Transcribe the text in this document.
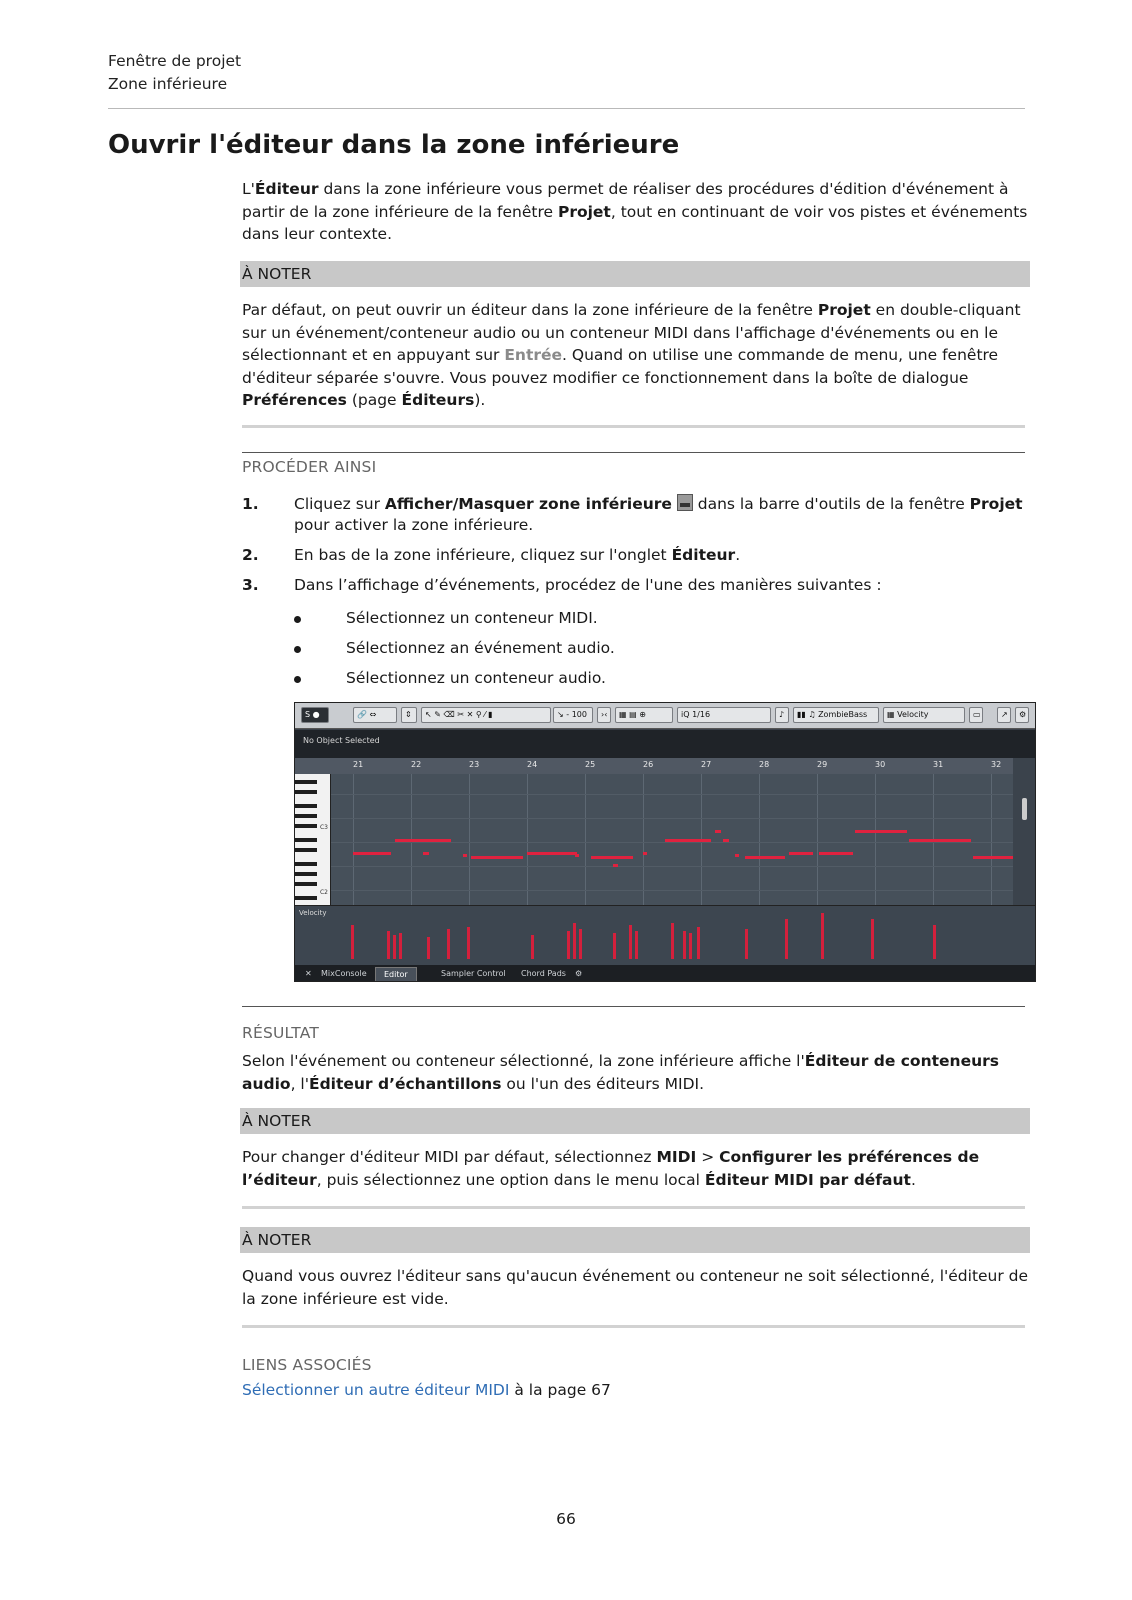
Fenêtre de projet
Zone inférieure
Ouvrir l'éditeur dans la zone inférieure

L'Éditeur dans la zone inférieure vous permet de réaliser des procédures d'édition d'événement à partir de la zone inférieure de la fenêtre Projet, tout en continuant de voir vos pistes et événements dans leur contexte.

À NOTER
Par défaut, on peut ouvrir un éditeur dans la zone inférieure de la fenêtre Projet en double-cliquant sur un événement/conteneur audio ou un conteneur MIDI dans l'affichage d'événements ou en le sélectionnant et en appuyant sur Entrée. Quand on utilise une commande de menu, une fenêtre d'éditeur séparée s'ouvre. Vous pouvez modifier ce fonctionnement dans la boîte de dialogue Préférences (page Éditeurs).
PROCÉDER AINSI
1. Cliquez sur Afficher/Masquer zone inférieure  dans la barre d'outils de la fenêtre Projet pour activer la zone inférieure.
2. En bas de la zone inférieure, cliquez sur l'onglet Éditeur.
3. Dans l’affichage d’événements, procédez de l'une des manières suivantes :
Sélectionnez un conteneur MIDI.
Sélectionnez an événement audio.
Sélectionnez un conteneur audio.
S ●	🔗 ⇔	⇕	↖ ✎ ⌫ ✂ ✕ ⚲ ⁄ ▮	↘ - 100	›‹	▦ ▤ ⊕	iQ 1/16	♪	▮▮ ♫ ZombieBass	▦ Velocity	▭	↗	⚙
No Object Selected
21	22	23	24	25	26	27	28	29	30	31	32
C3
C2
Velocity
✕	MixConsole	Editor	Sampler Control	Chord Pads	⚙
RÉSULTAT
Selon l'événement ou conteneur sélectionné, la zone inférieure affiche l'Éditeur de conteneurs audio, l'Éditeur d’échantillons ou l'un des éditeurs MIDI.
À NOTER
Pour changer d'éditeur MIDI par défaut, sélectionnez MIDI > Configurer les préférences de l’éditeur, puis sélectionnez une option dans le menu local Éditeur MIDI par défaut.
À NOTER
Quand vous ouvrez l'éditeur sans qu'aucun événement ou conteneur ne soit sélectionné, l'éditeur de la zone inférieure est vide.
LIENS ASSOCIÉS
Sélectionner un autre éditeur MIDI à la page 67
66
